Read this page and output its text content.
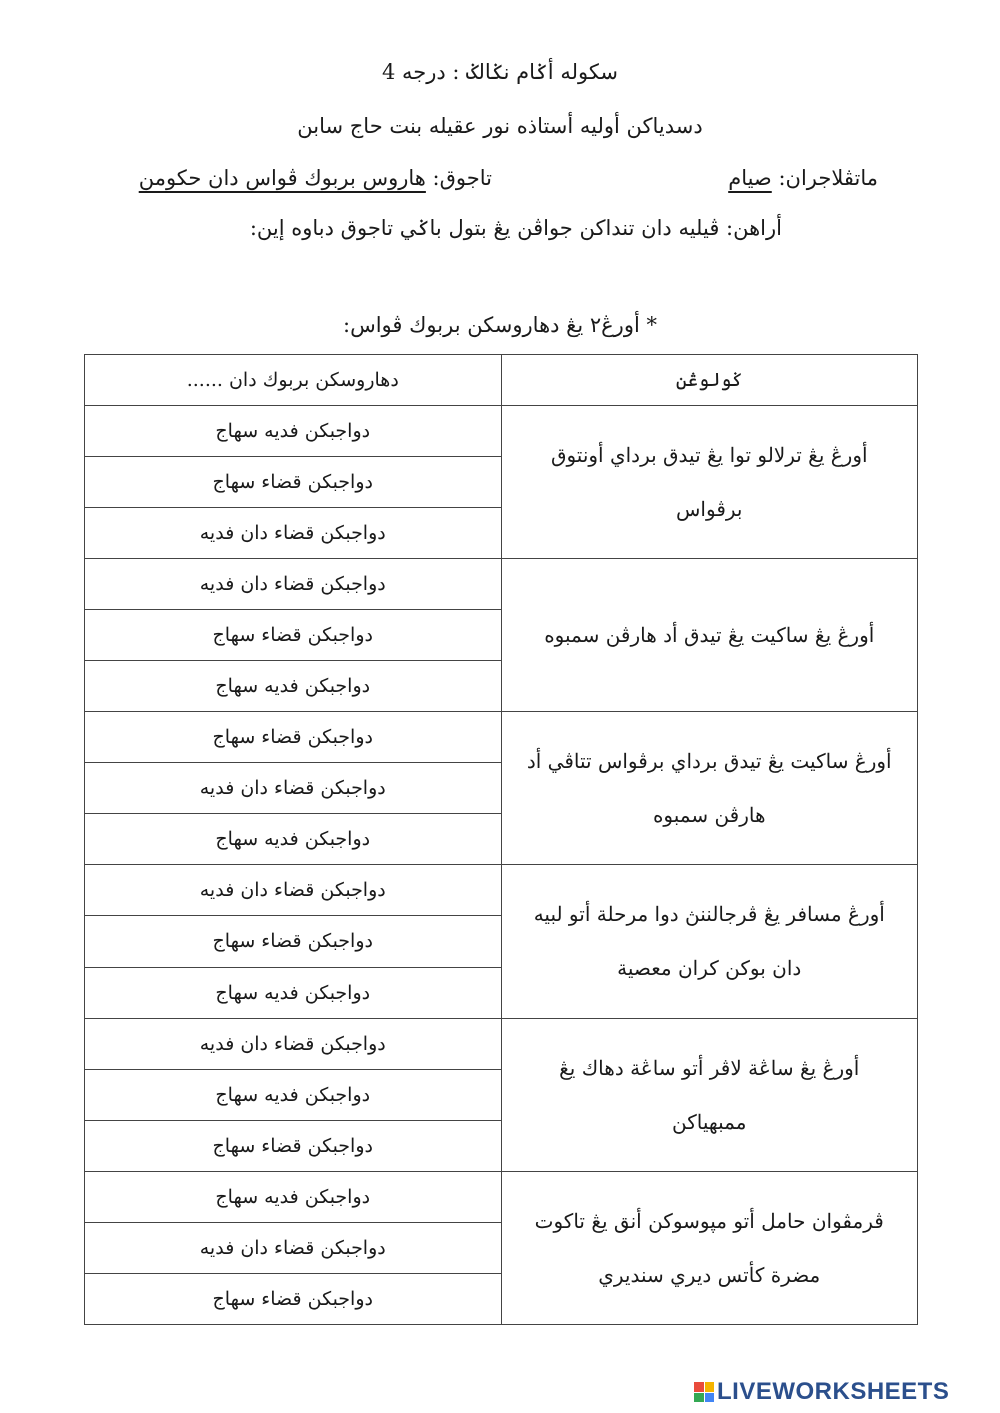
سكوله أݢام نݢالݢ : درجه 4
دسدياكن أوليه أستاذه نور عقيله بنت حاج سابن
ماتڤلاجران: صيام
تاجوق: هاروس بربوك ڤواس دان حكومن
أراهن: ڤيليه دان تنداكن جواڤن يڠ بتول باݢي تاجوق دباوه إين:
* أورڠ٢ يڠ دهاروسكن بربوك ڤواس:
ݢولوڠن	دهاروسكن بربوك دان ......
أورڠ يڠ ترلالو توا يڠ تيدق برداي أونتوق برڤواس	دواجبكن فديه سهاج
	دواجبكن قضاء سهاج
	دواجبكن قضاء دان فديه
أورڠ يڠ ساكيت يڠ تيدق أد هارڤن سمبوه	دواجبكن قضاء دان فديه
	دواجبكن قضاء سهاج
	دواجبكن فديه سهاج
أورڠ ساكيت يڠ تيدق برداي برڤواس تتاڤي أد هارڤن سمبوه	دواجبكن قضاء سهاج
	دواجبكن قضاء دان فديه
	دواجبكن فديه سهاج
أورڠ مسافر يڠ ڤرجالننڽ دوا مرحلة أتو لبيه دان بوكن كران معصية	دواجبكن قضاء دان فديه
	دواجبكن قضاء سهاج
	دواجبكن فديه سهاج
أورڠ يڠ ساڠة لاڤر أتو ساڠة دهاك يڠ ممبهياكن	دواجبكن قضاء دان فديه
	دواجبكن فديه سهاج
	دواجبكن قضاء سهاج
ڤرمڤوان حامل أتو مپوسوكن أنق يڠ تاكوت مضرة كأتس ديري سنديري	دواجبكن فديه سهاج
	دواجبكن قضاء دان فديه
	دواجبكن قضاء سهاج
LIVEWORKSHEETS
